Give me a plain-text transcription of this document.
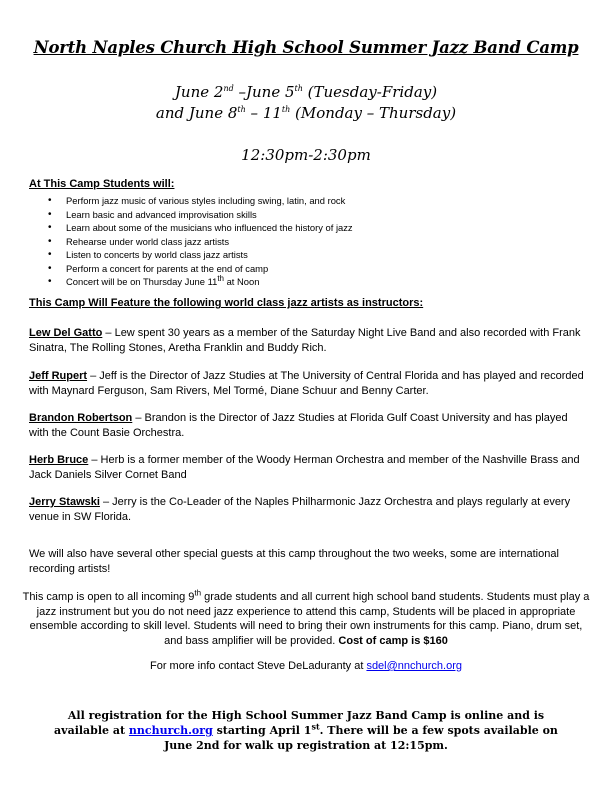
North Naples Church High School Summer Jazz Band Camp
June 2nd –June 5th (Tuesday-Friday)
and June 8th – 11th (Monday – Thursday)
12:30pm-2:30pm
At This Camp Students will:
• Perform jazz music of various styles including swing, latin, and rock
• Learn basic and advanced improvisation skills
• Learn about some of the musicians who influenced the history of jazz
• Rehearse under world class jazz artists
• Listen to concerts by world class jazz artists
• Perform a concert for parents at the end of camp
• Concert will be on Thursday June 11th at Noon
This Camp Will Feature the following world class jazz artists as instructors:
Lew Del Gatto – Lew spent 30 years as a member of the Saturday Night Live Band and also recorded with Frank Sinatra, The Rolling Stones, Aretha Franklin and Buddy Rich.
Jeff Rupert – Jeff is the Director of Jazz Studies at The University of Central Florida and has played and recorded with Maynard Ferguson, Sam Rivers, Mel Tormé, Diane Schuur and Benny Carter.
Brandon Robertson – Brandon is the Director of Jazz Studies at Florida Gulf Coast University and has played with the Count Basie Orchestra.
Herb Bruce – Herb is a former member of the Woody Herman Orchestra and member of the Nashville Brass and Jack Daniels Silver Cornet Band
Jerry Stawski – Jerry is the Co-Leader of the Naples Philharmonic Jazz Orchestra and plays regularly at every venue in SW Florida.
We will also have several other special guests at this camp throughout the two weeks, some are international recording artists!
This camp is open to all incoming 9th grade students and all current high school band students. Students must play a jazz instrument but you do not need jazz experience to attend this camp, Students will be placed in appropriate ensemble according to skill level. Students will need to bring their own instruments for this camp. Piano, drum set, and bass amplifier will be provided. Cost of camp is $160
For more info contact Steve DeLaduranty at sdel@nnchurch.org
All registration for the High School Summer Jazz Band Camp is online and is available at nnchurch.org starting April 1st. There will be a few spots available on June 2nd for walk up registration at 12:15pm.
